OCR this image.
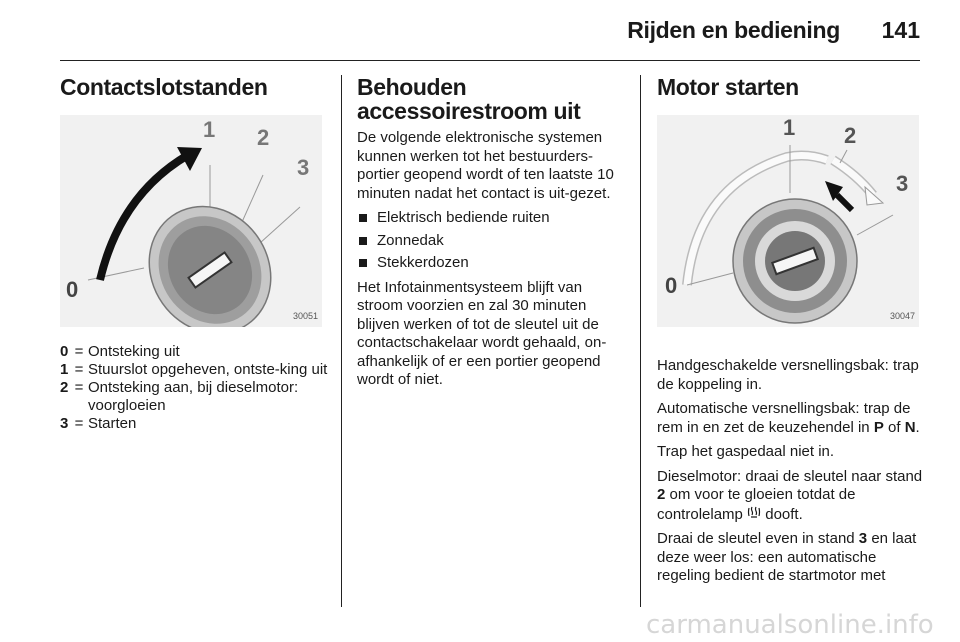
Rijden en bediening 141
Contactslotstanden
1 2
3
0
30051
0 = Ontsteking uit
1 = Stuurslot opgeheven, ontste-king uit
2 = Ontsteking aan, bij dieselmotor: voorgloeien
3 = Starten
Behouden accessoirestroom uit

De volgende elektronische systemen kunnen werken tot het bestuurders-portier geopend wordt of ten laatste 10 minuten nadat het contact is uit-gezet.

Elektrisch bediende ruiten
Zonnedak
Stekkerdozen

Het Infotainmentsysteem blijft van stroom voorzien en zal 30 minuten blijven werken of tot de sleutel uit de contactschakelaar wordt gehaald, on-afhankelijk of er een portier geopend wordt of niet.

Motor starten
1 2
3
0
30047

Handgeschakelde versnellingsbak: trap de koppeling in.

Automatische versnellingsbak: trap de rem in en zet de keuzehendel in P of N.

Trap het gaspedaal niet in.

Dieselmotor: draai de sleutel naar stand 2 om voor te gloeien totdat de controlelamp dooft.

Draai de sleutel even in stand 3 en laat deze weer los: een automatische regeling bedient de startmotor met

carmanualsonline.info
